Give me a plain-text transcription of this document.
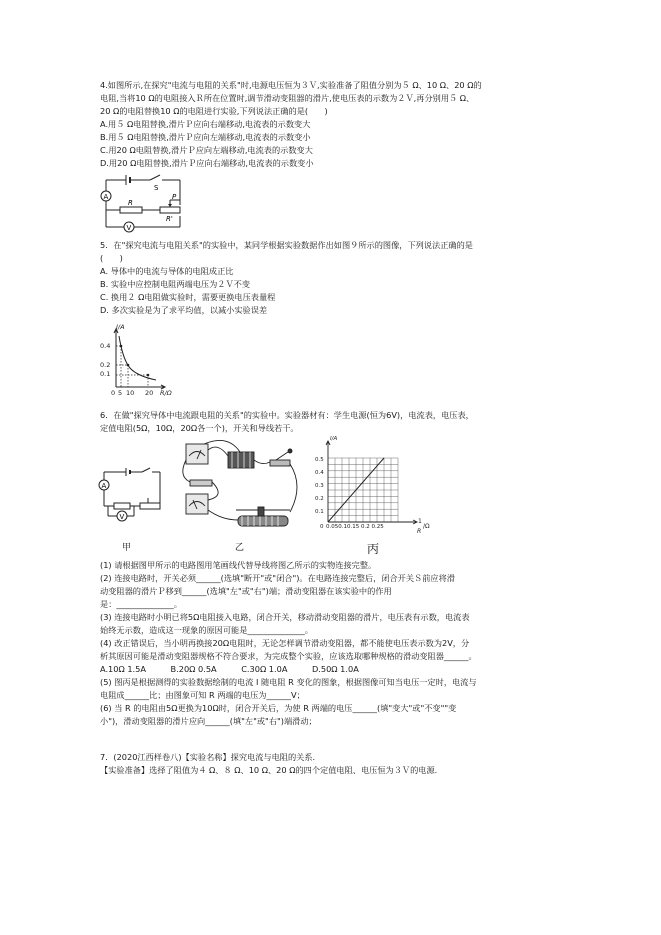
4.如图所示,在探究"电流与电阻的关系"时,电源电压恒为３Ｖ,实验准备了阻值分别为５ Ω、10 Ω、20 Ω的
电阻,当将10 Ω的电阻接入Ｒ所在位置时,调节滑动变阻器的滑片,使电压表的示数为２Ｖ,再分别用５ Ω、
20 Ω的电阻替换10 Ω的电阻进行实验,下列说法正确的是(　　)
A.用５ Ω电阻替换,滑片Ｐ应向右端移动,电流表的示数变大
B.用５ Ω电阻替换,滑片Ｐ应向左端移动,电流表的示数变小
C.用20 Ω电阻替换,滑片Ｐ应向左端移动,电流表的示数变大
D.用20 Ω电阻替换,滑片Ｐ应向右端移动,电流表的示数变小
A
V
S
R
R'
P
5．在"探究电流与电阻关系"的实验中，某同学根据实验数据作出如图９所示的图像，下列说法正确的是
(　　)
A. 导体中的电流与导体的电阻成正比
B. 实验中应控制电阻两端电压为２Ｖ不变
C. 换用２ Ω电阻做实验时，需要更换电压表量程
D. 多次实验是为了求平均值，以减小实验误差
I/A
0.4
0.2
0.1
0 5 10 20 R/Ω
6．在做"探究导体中电流跟电阻的关系"的实验中。实验器材有：学生电源(恒为6V)，电流表，电压表，
定值电阻(5Ω，10Ω，20Ω各一个)，开关和导线若干。
A
V
I/A
0.5
0.4
0.3
0.2
0.1
0 0.050.10.15 0.2 0.25
1
R
/Ω
甲	乙	丙
(1) 请根据图甲所示的电路图用笔画线代替导线将图乙所示的实物连接完整。
(2) 连接电路时，开关必须______(选填"断开"或"闭合")。在电路连接完整后，闭合开关Ｓ前应将滑
动变阻器的滑片Ｐ移到______(选填"左"或"右")端；滑动变阻器在该实验中的作用
是：______________。
(3) 连接电路时小明已将5Ω电阻接入电路，闭合开关，移动滑动变阻器的滑片，电压表有示数，电流表
始终无示数，造成这一现象的原因可能是______________。
(4) 改正错误后，当小明再换接20Ω电阻时，无论怎样调节滑动变阻器，都不能使电压表示数为2V，分
析其原因可能是滑动变阻器规格不符合要求，为完成整个实验，应该选取哪种规格的滑动变阻器______。
A.10Ω 1.5A　　　B.20Ω 0.5A　　　C.30Ω 1.0A　　　D.50Ω 1.0A
(5) 图丙是根据测得的实验数据绘制的电流 I 随电阻 R 变化的图象，根据图像可知当电压一定时，电流与
电阻成______比；由图象可知 R 两端的电压为______V；
(6) 当 R 的电阻由5Ω更换为10Ω时，闭合开关后，为使 R 两端的电压______(填"变大"或"不变""变
小")，滑动变阻器的滑片应向______(填"左"或"右")端滑动；
7．(2020江西样卷八)【实验名称】探究电流与电阻的关系.
【实验准备】选择了阻值为４ Ω、８ Ω、10 Ω、20 Ω的四个定值电阻、电压恒为３Ｖ的电源.
